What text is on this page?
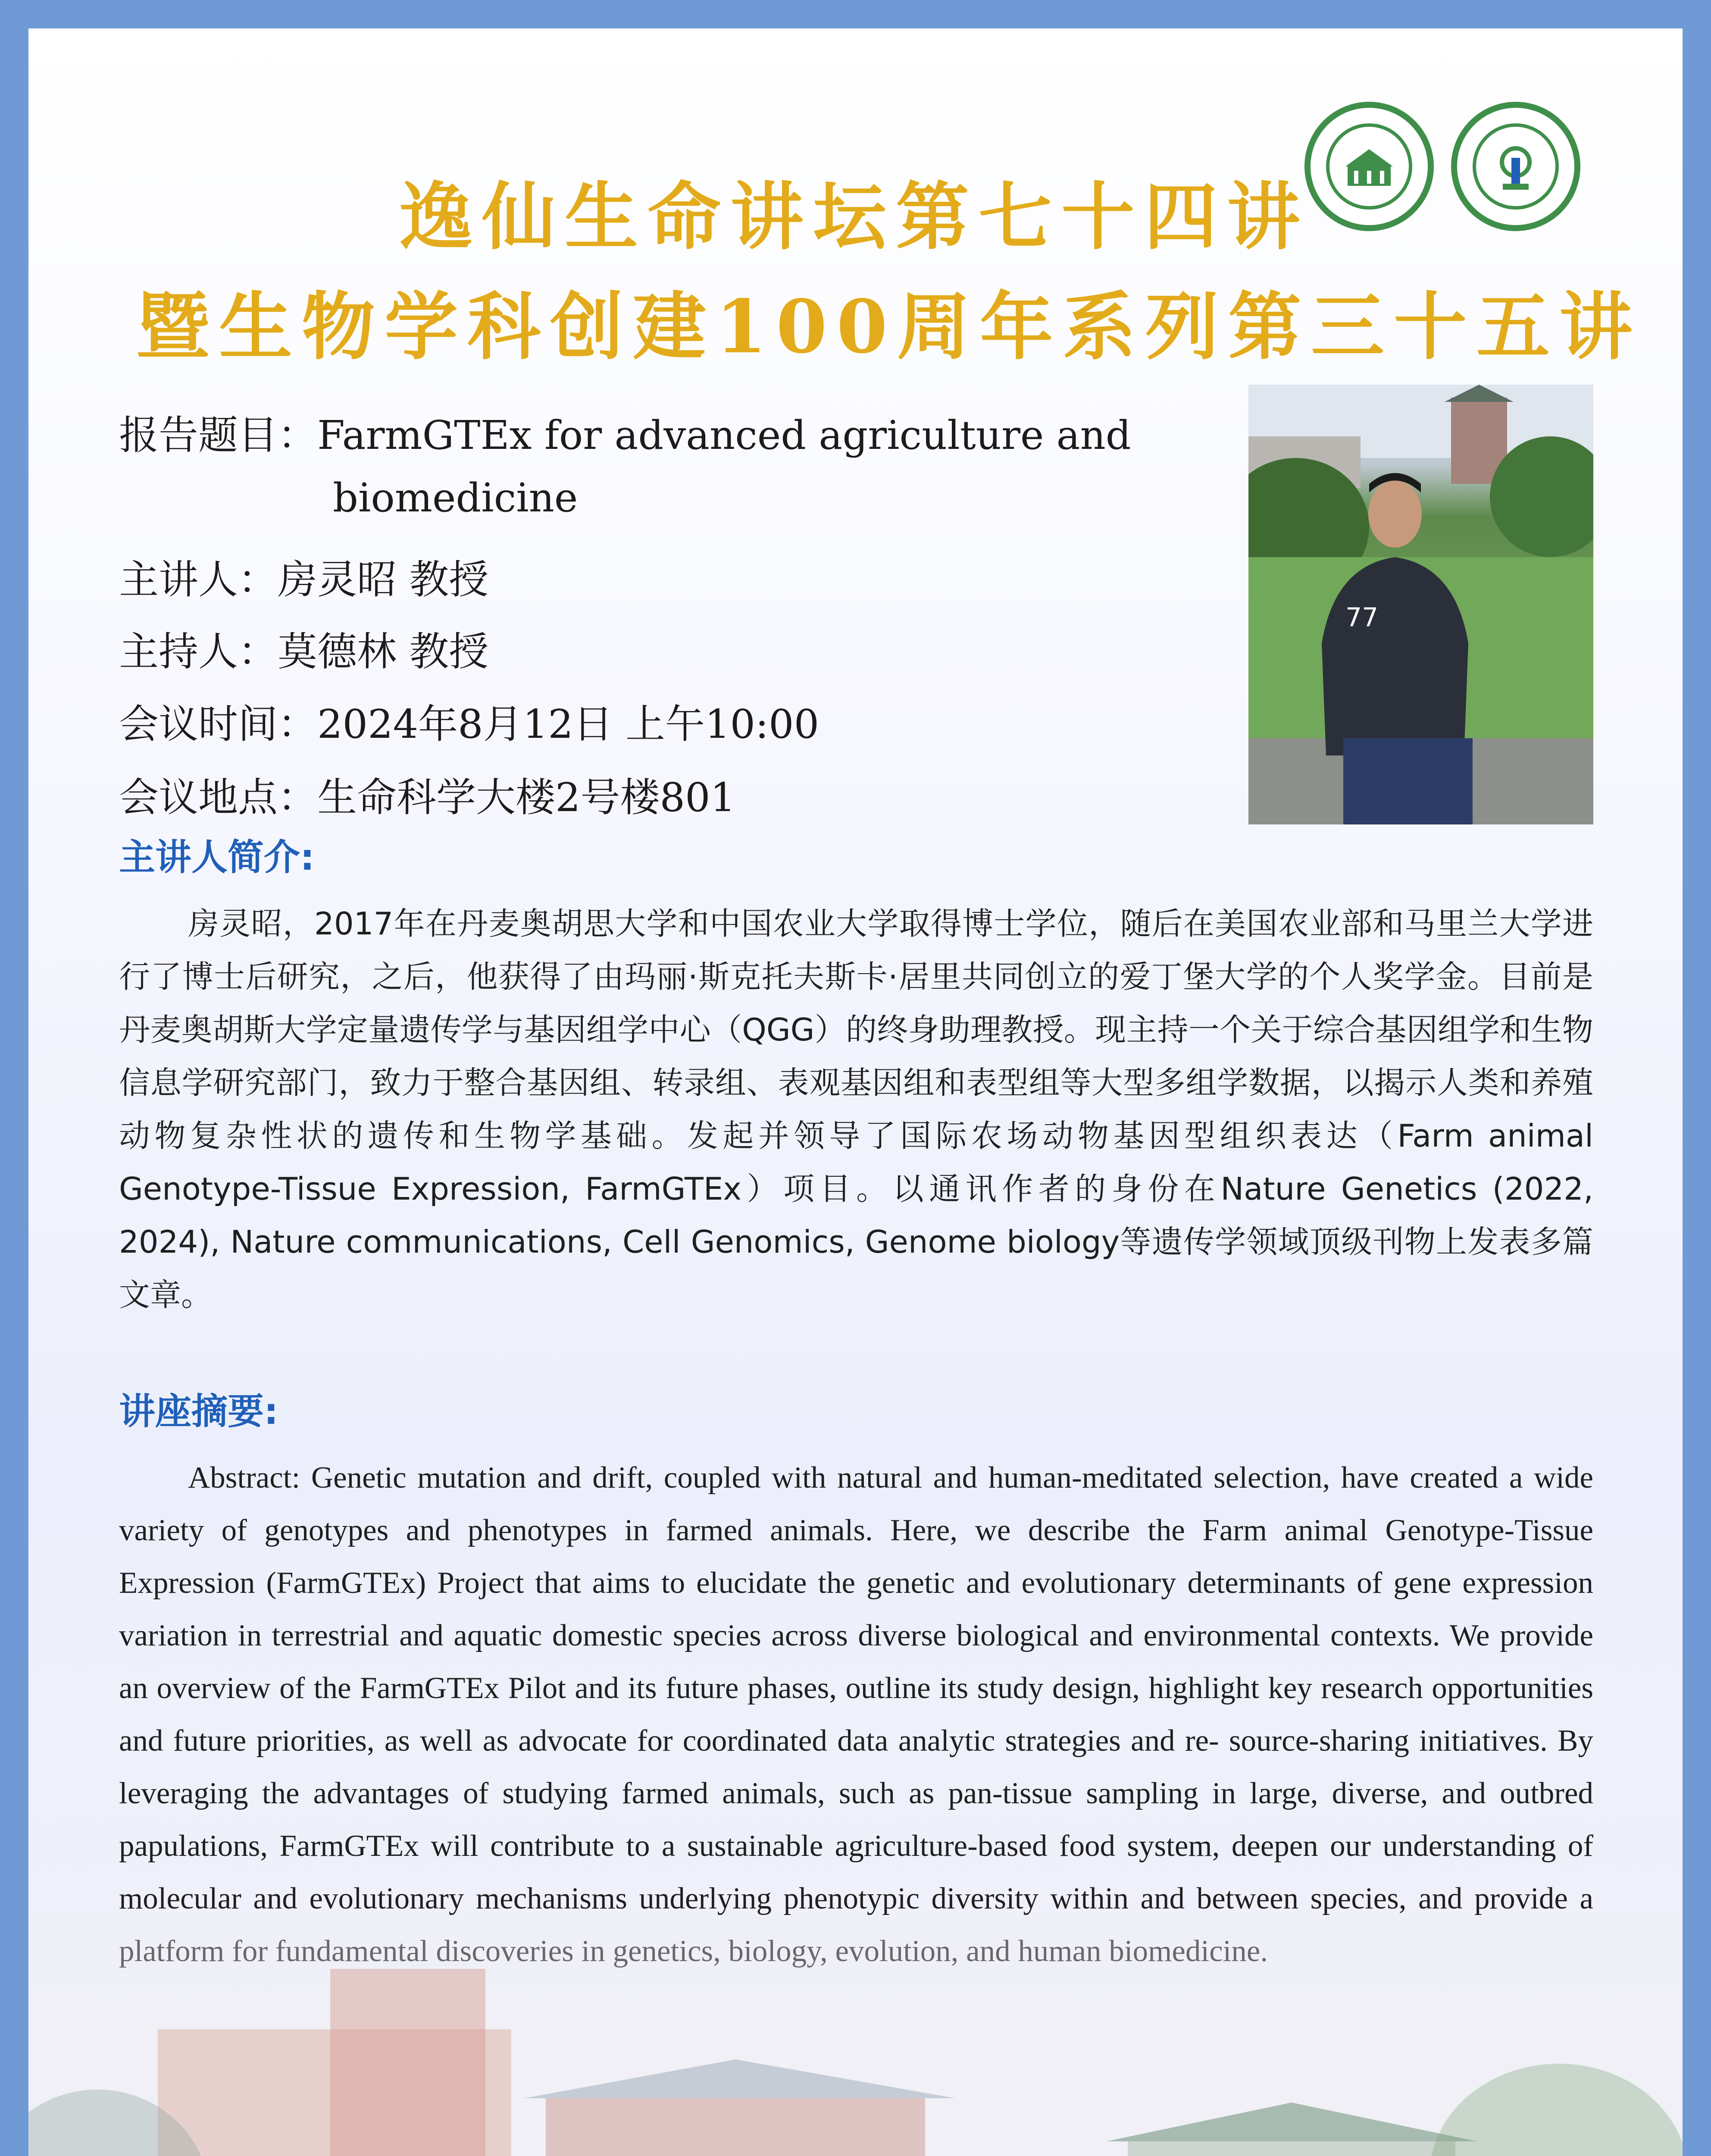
逸仙生命讲坛第七十四讲
暨生物学科创建100周年系列第三十五讲
报告题目：FarmGTEx for advanced agriculture and
biomedicine
主讲人：房灵昭 教授
主持人：莫德林 教授
会议时间：2024年8月12日 上午10:00
会议地点：生命科学大楼2号楼801
77
主讲人简介:
房灵昭，2017年在丹麦奥胡思大学和中国农业大学取得博士学位，随后在美国农业部和马里兰大学进行了博士后研究，之后，他获得了由玛丽·斯克托夫斯卡·居里共同创立的爱丁堡大学的个人奖学金。目前是丹麦奥胡斯大学定量遗传学与基因组学中心（QGG）的终身助理教授。现主持一个关于综合基因组学和生物信息学研究部门，致力于整合基因组、转录组、表观基因组和表型组等大型多组学数据，以揭示人类和养殖动物复杂性状的遗传和生物学基础。发起并领导了国际农场动物基因型组织表达（Farm animal Genotype-Tissue Expression, FarmGTEx）项目。以通讯作者的身份在Nature Genetics (2022, 2024), Nature communications, Cell Genomics, Genome biology等遗传学领域顶级刊物上发表多篇文章。
讲座摘要:
Abstract: Genetic mutation and drift, coupled with natural and human-meditated selection, have created a wide variety of genotypes and phenotypes in farmed animals. Here, we describe the Farm animal Genotype-Tissue Expression (FarmGTEx) Project that aims to elucidate the genetic and evolutionary determinants of gene expression variation in terrestrial and aquatic domestic species across diverse biological and environmental contexts. We provide an overview of the FarmGTEx Pilot and its future phases, outline its study design, highlight key research opportunities and future priorities, as well as advocate for coordinated data analytic strategies and re- source-sharing initiatives. By leveraging the advantages of studying farmed animals, such as pan-tissue sampling in large, diverse, and outbred papulations, FarmGTEx will contribute to a sustainable agriculture-based food system, deepen our understanding of molecular and evolutionary mechanisms underlying phenotypic diversity within and between species, and provide a platform for fundamental discoveries in genetics, biology, evolution, and human biomedicine.
